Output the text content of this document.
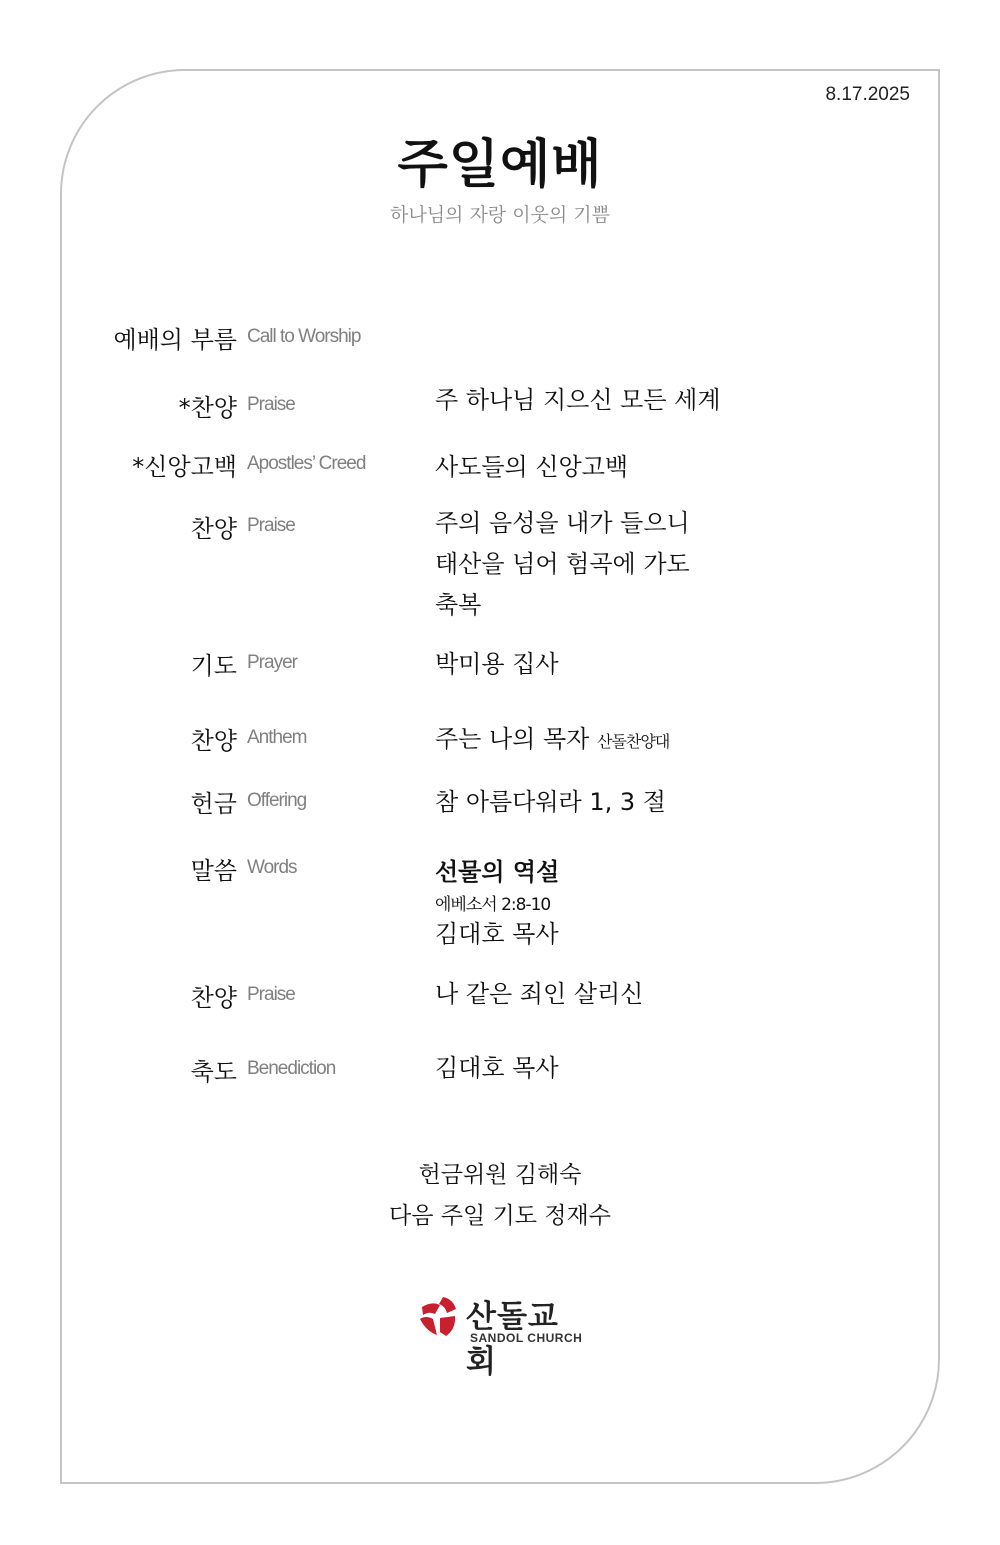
8.17.2025
주일예배
하나님의 자랑 이웃의 기쁨
예배의 부름 Call to Worship
*찬양 Praise	주 하나님 지으신 모든 세계
*신앙고백 Apostles’ Creed	사도들의 신앙고백
찬양 Praise	주의 음성을 내가 들으니
태산을 넘어 험곡에 가도
축복
기도 Prayer	박미용 집사
찬양 Anthem	주는 나의 목자 산돌찬양대
헌금 Offering	참 아름다워라 1, 3 절
말씀 Words	선물의 역설
에베소서 2:8-10
김대호 목사
찬양 Praise	나 같은 죄인 살리신
축도 Benediction	김대호 목사
헌금위원 김해숙
다음 주일 기도 정재수
산돌교회
SANDOL CHURCH
